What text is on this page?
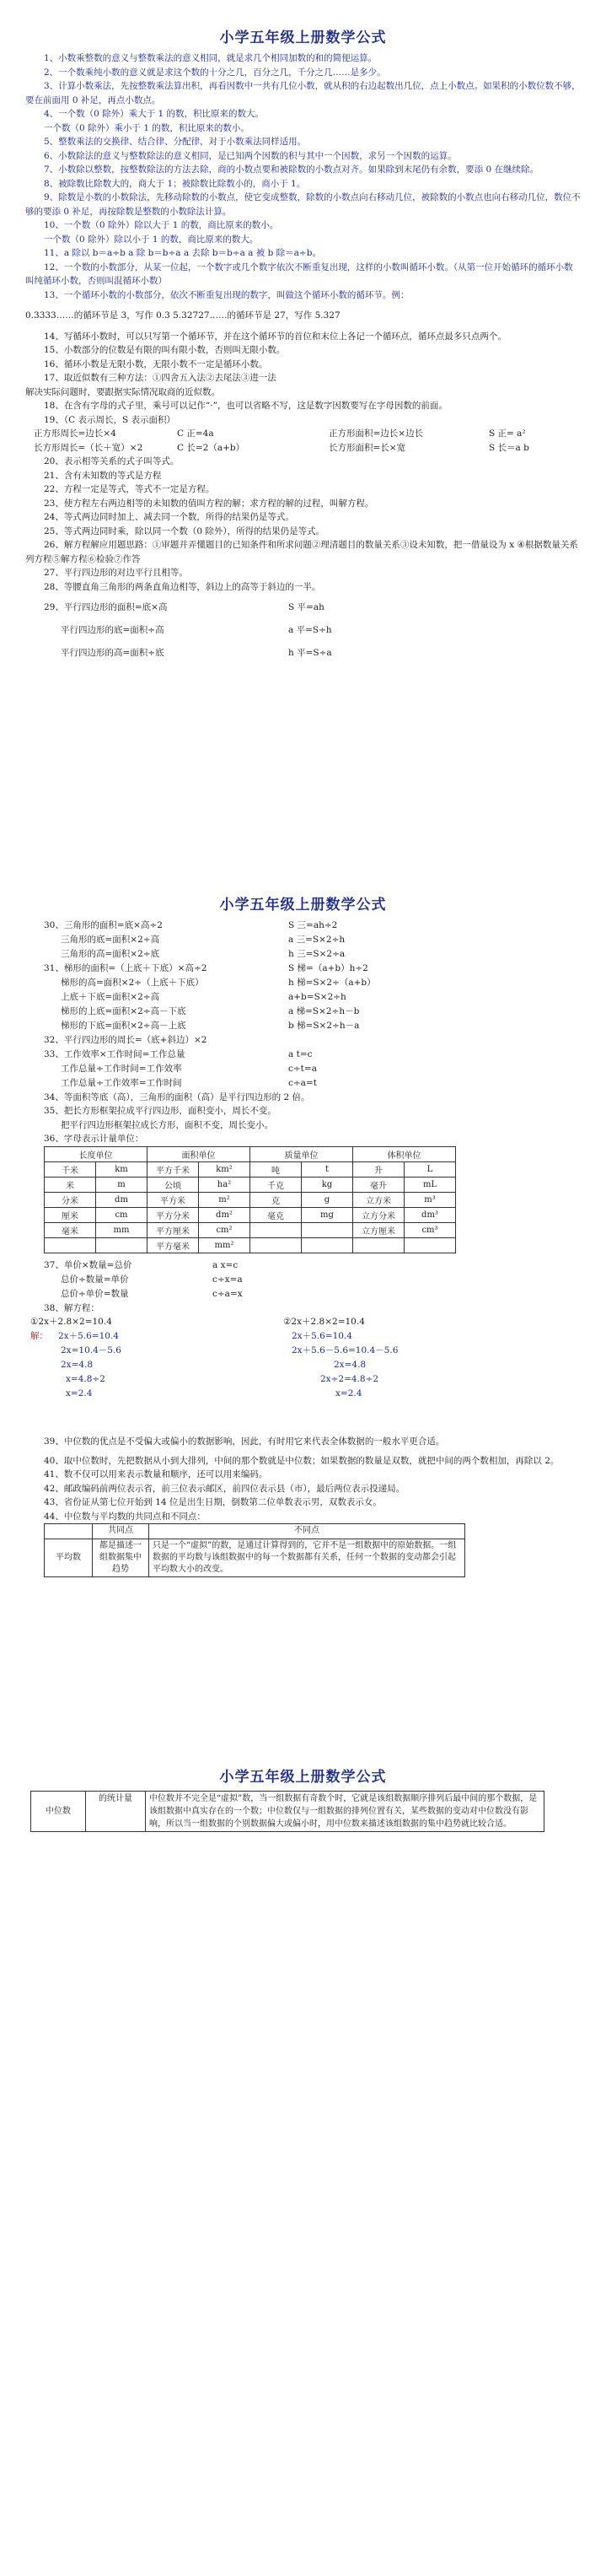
小学五年级上册数学公式

1、小数乘整数的意义与整数乘法的意义相同，就是求几个相同加数的和的简便运算。

2、一个数乘纯小数的意义就是求这个数的十分之几，百分之几，千分之几……是多少。

3、计算小数乘法，先按整数乘法算出积，再看因数中一共有几位小数，就从积的右边起数出几位，点上小数点。如果积的小数位数不够，要在前面用 0 补足，再点小数点。

4、一个数（0 除外）乘大于 1 的数，积比原来的数大。

一个数（0 除外）乘小于 1 的数，积比原来的数小。

5、整数乘法的交换律、结合律、分配律，对于小数乘法同样适用。

6、小数除法的意义与整数除法的意义相同，是已知两个因数的积与其中一个因数，求另一个因数的运算。

7、小数除以整数，按整数除法的方法去除，商的小数点要和被除数的小数点对齐。如果除到末尾仍有余数，要添 0 在继续除。

8、被除数比除数大的，商大于 1；被除数比除数小的，商小于 1。

9、除数是小数的小数除法，先移动除数的小数点，使它变成整数，除数的小数点向右移动几位，被除数的小数点也向右移动几位，数位不够的要添 0 补足，再按除数是整数的小数除法计算。

10、一个数（0 除外）除以大于 1 的数，商比原来的数小。

一个数（0 除外）除以小于 1 的数，商比原来的数大。

11、a 除以 b＝a÷b a 除 b＝b÷a a 去除 b＝b÷a a 被 b 除＝a÷b。

12、一个数的小数部分，从某一位起，一个数字或几个数字依次不断重复出现，这样的小数叫循环小数。（从第一位开始循环的循环小数叫纯循环小数，否则叫混循环小数）

13、一个循环小数的小数部分，依次不断重复出现的数字，叫做这个循环小数的循环节。例：

0.3333……的循环节是 3，写作 0.3 5.32727……的循环节是 27，写作 5.327

14、写循环小数时，可以只写第一个循环节，并在这个循环节的首位和末位上各记一个循环点，循环点最多只点两个。

15、小数部分的位数是有限的叫有限小数，否则叫无限小数。

16、循环小数是无限小数，无限小数不一定是循环小数。

17、取近似数有三种方法：①四舍五入法②去尾法③进一法

解决实际问题时，要跟据实际情况取商的近似数。

18、在含有字母的式子里，乘号可以记作“·”，也可以省略不写，这是数字因数要写在字母因数的前面。

19、（C 表示周长，S 表示面积）

正方形周长=边长×4	C 正=4a	正方形面积=边长×边长	S 正= a²
长方形周长=（长＋宽）×2	C 长=2（a+b）	长方形面积=长×宽	S 长＝a b

20、表示相等关系的式子叫等式。

21、含有未知数的等式是方程

22、方程一定是等式，等式不一定是方程。

23、使方程左右两边相等的未知数的值叫方程的解；求方程的解的过程，叫解方程。

24、等式两边同时加上、减去同一个数，所得的结果仍是等式。

25、等式两边同时乘，除以同一个数（0 除外），所得的结果仍是等式。

26、解方程解应用题思路：①审题并弄懂题目的已知条件和所求问题②理清题目的数量关系③设未知数，把一借量设为 x ④根据数量关系列方程⑤解方程⑥检验⑦作答

27、平行四边形的对边平行且相等。

28、等腰直角三角形的两条直角边相等，斜边上的高等于斜边的一半。

29、平行四边形的面积=底×高	S 平=ah
平行四边形的底=面积÷高	a 平=S÷h
平行四边形的高=面积÷底	h 平=S÷a
小学五年级上册数学公式
30、三角形的面积=底×高÷2	S 三=ah÷2
三角形的底=面积×2÷高	a 三=S×2÷h
三角形的高=面积×2÷底	h 三=S×2÷a
31、梯形的面积=（上底＋下底）×高÷2	S 梯=（a+b）h÷2
梯形的高=面积×2÷（上底＋下底）	h 梯=S×2÷（a+b）
上底＋下底=面积×2÷高	a+b=S×2÷h
梯形的上底=面积×2÷高－下底	a 梯=S×2÷h－b
梯形的下底=面积×2÷高－上底	b 梯=S×2÷h－a

32、平行四边形的周长=（底+斜边）×2

33、工作效率×工作时间=工作总量	a t=c
工作总量÷工作时间=工作效率	c÷t=a
工作总量÷工作效率=工作时间	c÷a=t

34、等面积等底（高），三角形的面积（高）是平行四边形的 2 倍。

35、把长方形框架拉成平行四边形，面积变小，周长不变。

把平行四边形框架拉成长方形，面积不变，周长变小。

36、字母表示计量单位：

长度单位		面积单位		质量单位		体积单位	
千米	km	平方千米	km²	吨	t	升	L
米	m	公顷	ha²	千克	kg	毫升	mL
分米	dm	平方米	m²	克	g	立方米	m³
厘米	cm	平方分米	dm²	毫克	mg	立方分米	dm³
毫米	mm	平方厘米	cm²			立方厘米	cm³
		平方毫米	mm²				
37、单价×数量=总价	a x=c
总价÷数量=单价	c÷x=a
总价÷单价=数量	c÷a=x

38、解方程：

①2x＋2.8×2=10.4
解： 2x＋5.6=10.4
2x=10.4－5.6
2x=4.8
x=4.8÷2
x=2.4
②2x＋2.8×2=10.4
2x＋5.6=10.4
2x＋5.6－5.6=10.4－5.6
2x=4.8
2x÷2=4.8÷2
x=2.4

39、中位数的优点是不受偏大或偏小的数据影响，因此，有时用它来代表全体数据的一般水平更合适。

40、取中位数时，先把数据从小到大排列，中间的那个数就是中位数；如果数据的数量是双数，就把中间的两个数相加，再除以 2。

41、数不仅可以用来表示数量和顺序，还可以用来编码。

42、邮政编码前两位表示省，前三位表示邮区，前四位表示县（市），最后两位表示投递局。

43、省份证从第七位开始到 14 位是出生日期，倒数第二位单数表示男，双数表示女。

44、中位数与平均数的共同点和不同点：

	共同点	不同点
平均数	都是描述一组数据集中趋势	只是一个“虚拟”的数，是通过计算得到的，它并不是一组数据中的原始数据。一组数据的平均数与该组数据中的每一个数据都有关系，任何一个数据的变动都会引起平均数大小的改变。
小学五年级上册数学公式
中位数	的统计量	中位数并不完全是“虚拟”数，当一组数据有奇数个时，它就是该组数据顺序排列后最中间的那个数据，是该组数据中真实存在的一个数；中位数仅与一组数据的排列位置有关，某些数据的变动对中位数没有影响，所以当一组数据的个别数据偏大或偏小时，用中位数来描述该组数据的集中趋势就比较合适。
